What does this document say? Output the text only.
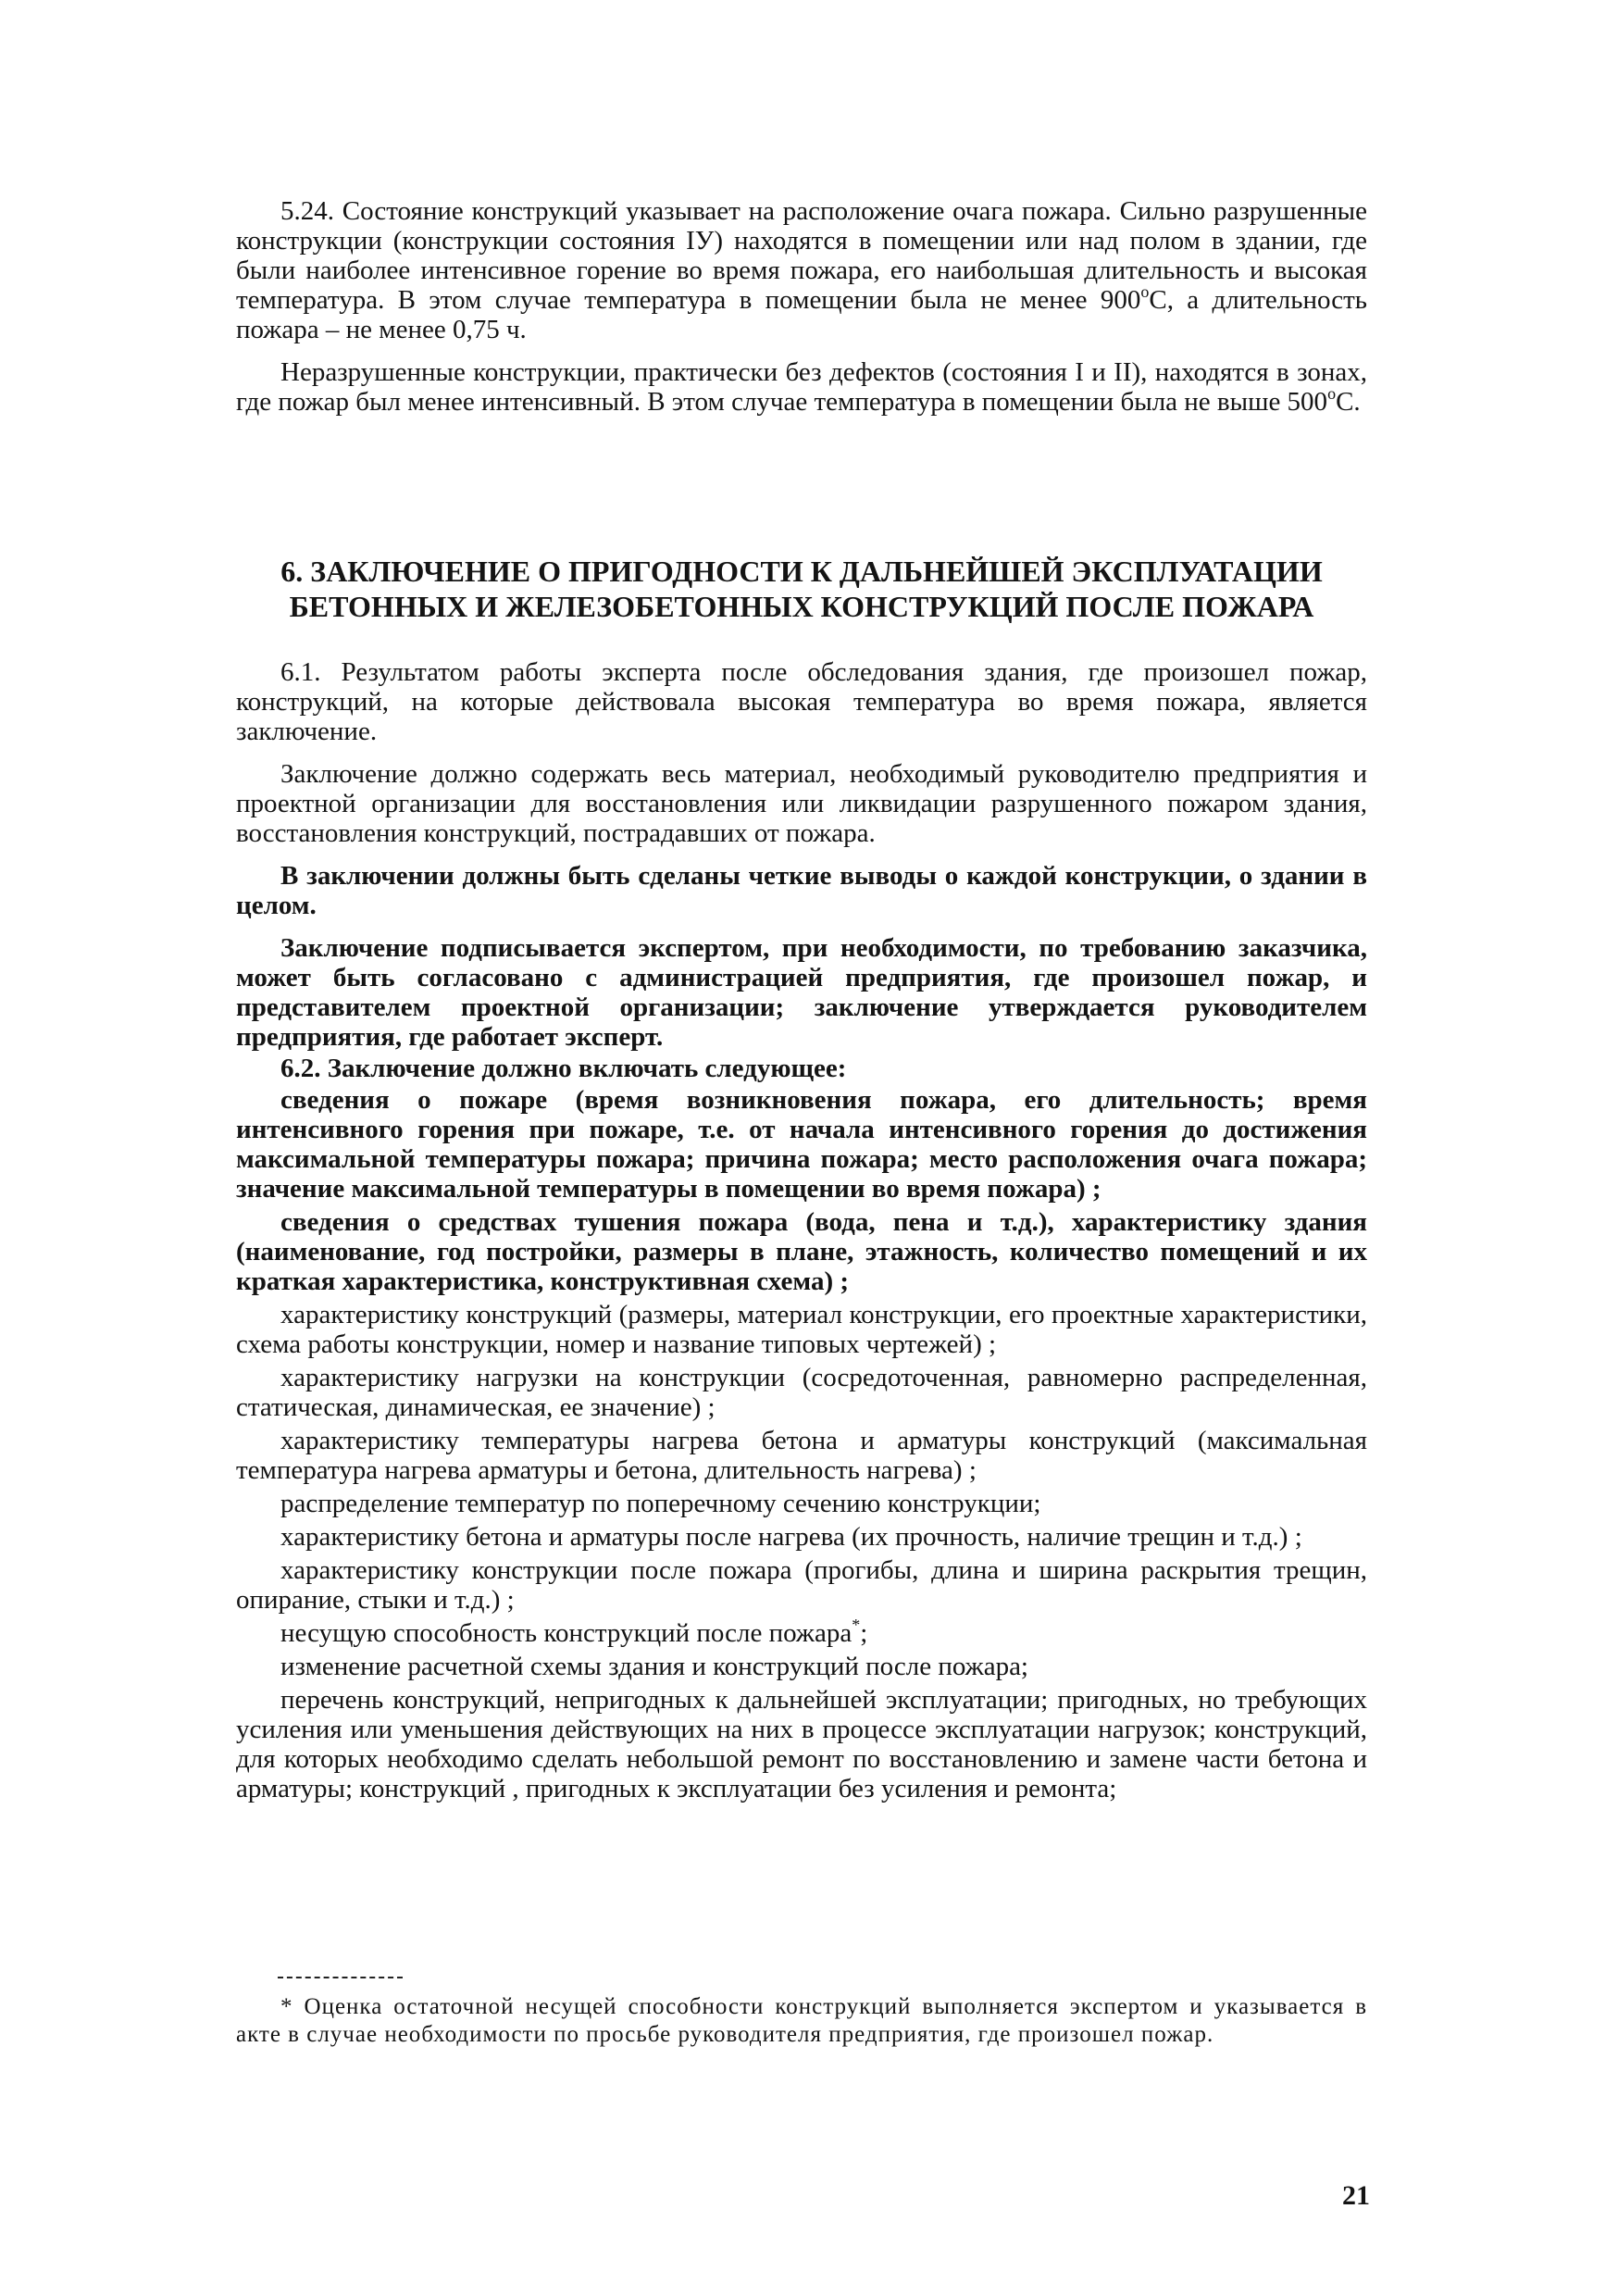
5.24. Состояние конструкций указывает на расположение очага пожара. Сильно разрушенные конструкции (конструкции состояния ІУ) находятся в помещении или над полом в здании, где были наиболее интенсивное горение во время пожара, его наибольшая длительность и высокая температура. В этом случае температура в помещении была не менее $900^оС$, а длительность пожара – не менее 0,75 ч.

Неразрушенные конструкции, практически без дефектов (состояния І и ІІ), находятся в зонах, где пожар был менее интенсивный. В этом случае температура в помещении была не выше $500^оС$.

6. ЗАКЛЮЧЕНИЕ О ПРИГОДНОСТИ К ДАЛЬНЕЙШЕЙ ЭКСПЛУАТАЦИИ
БЕТОННЫХ И ЖЕЛЕЗОБЕТОННЫХ КОНСТРУКЦИЙ ПОСЛЕ ПОЖАРА

6.1. Результатом работы эксперта после обследования здания, где произошел пожар, конструкций, на которые действовала высокая температура во время пожара, является заключение.

Заключение должно содержать весь материал, необходимый руководителю предприятия и проектной организации для восстановления или ликвидации разрушенного пожаром здания, восстановления конструкций, пострадавших от пожара.

В заключении должны быть сделаны четкие выводы о каждой конструкции, о здании в целом.

Заключение подписывается экспертом, при необходимости, по требованию заказчика, может быть согласовано с администрацией предприятия, где произошел пожар, и представителем проектной организации; заключение утверждается руководителем предприятия, где работает эксперт.

6.2. Заключение должно включать следующее:

сведения о пожаре (время возникновения пожара, его длительность; время интенсивного горения при пожаре, т.е. от начала интенсивного горения до достижения максимальной температуры пожара; причина пожара; место расположения очага пожара; значение максимальной температуры в помещении во время пожара) ;

сведения о средствах тушения пожара (вода, пена и т.д.), характеристику здания (наименование, год постройки, размеры в плане, этажность, количество помещений и их краткая характеристика, конструктивная схема) ;

характеристику конструкций (размеры, материал конструкции, его проектные характеристики, схема работы конструкции, номер и название типовых чертежей) ;

характеристику нагрузки на конструкции (сосредоточенная, равномерно распределенная, статическая, динамическая, ее значение) ;

характеристику температуры нагрева бетона и арматуры конструкций (максимальная температура нагрева арматуры и бетона, длительность нагрева) ;

распределение температур по поперечному сечению конструкции;

характеристику бетона и арматуры после нагрева (их прочность, наличие трещин и т.д.) ;

характеристику конструкции после пожара (прогибы, длина и ширина раскрытия трещин, опирание, стыки и т.д.) ;

несущую способность конструкций после пожара*;

изменение расчетной схемы здания и конструкций после пожара;

перечень конструкций, непригодных к дальнейшей эксплуатации; пригодных, но требующих усиления или уменьшения действующих на них в процессе эксплуатации нагрузок; конструкций, для которых необходимо сделать небольшой ремонт по восстановлению и замене части бетона и арматуры; конструкций , пригодных к эксплуатации без усиления и ремонта;

* Оценка остаточной несущей способности конструкций выполняется экспертом и указывается в акте в случае необходимости по просьбе руководителя предприятия, где произошел пожар.

21
